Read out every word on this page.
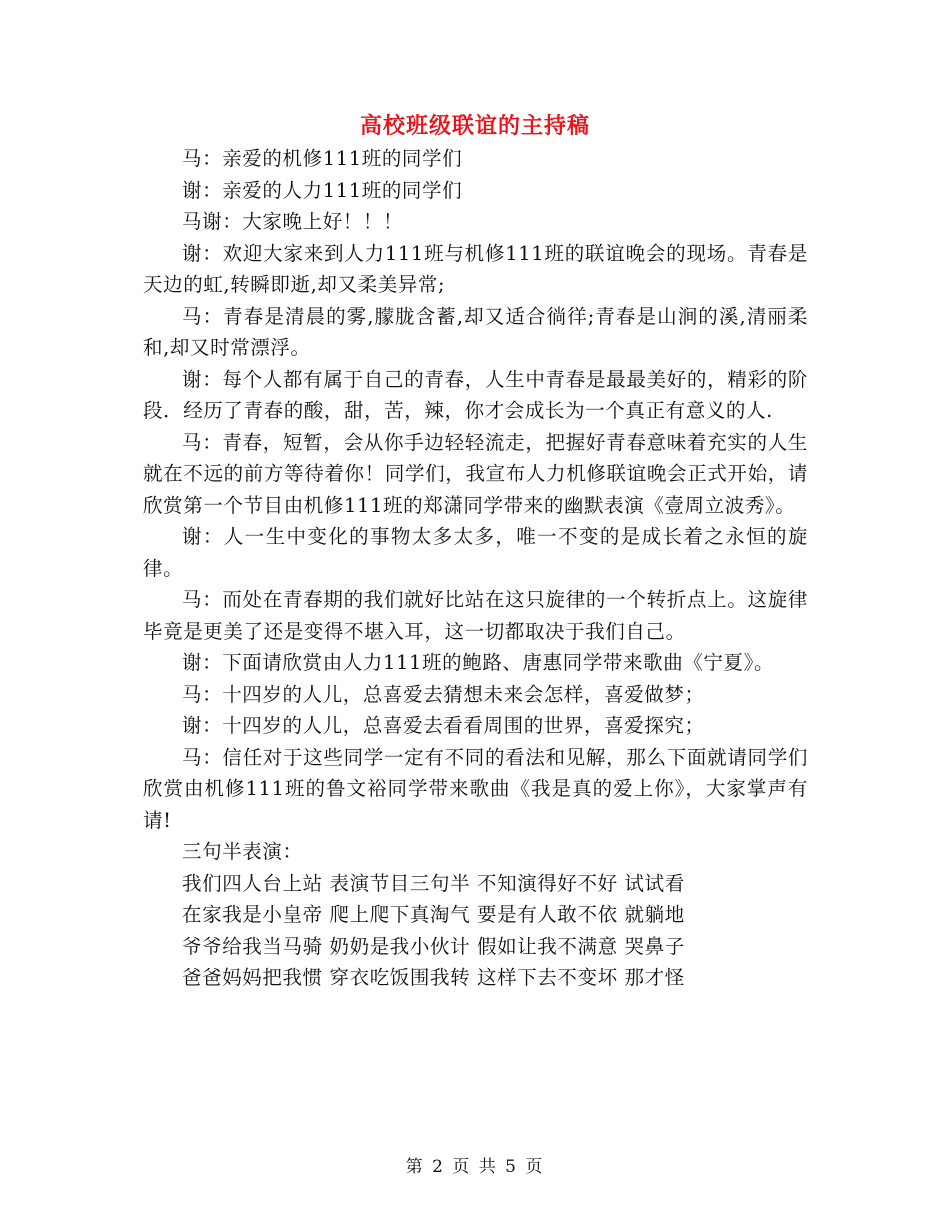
高校班级联谊的主持稿

马：亲爱的机修111班的同学们

谢：亲爱的人力111班的同学们

马谢：大家晚上好！！！

谢：欢迎大家来到人力111班与机修111班的联谊晚会的现场。青春是天边的虹,转瞬即逝,却又柔美异常;

马：青春是清晨的雾,朦胧含蓄,却又适合徜徉;青春是山涧的溪,清丽柔和,却又时常漂浮。

谢：每个人都有属于自己的青春，人生中青春是最最美好的，精彩的阶段．经历了青春的酸，甜，苦，辣，你才会成长为一个真正有意义的人.

马：青春，短暂，会从你手边轻轻流走，把握好青春意味着充实的人生就在不远的前方等待着你！同学们，我宣布人力机修联谊晚会正式开始，请欣赏第一个节目由机修111班的郑潇同学带来的幽默表演《壹周立波秀》。

谢：人一生中变化的事物太多太多，唯一不变的是成长着之永恒的旋律。

马：而处在青春期的我们就好比站在这只旋律的一个转折点上。这旋律毕竟是更美了还是变得不堪入耳，这一切都取决于我们自己。

谢：下面请欣赏由人力111班的鲍路、唐惠同学带来歌曲《宁夏》。

马：十四岁的人儿，总喜爱去猜想未来会怎样，喜爱做梦；

谢：十四岁的人儿，总喜爱去看看周围的世界，喜爱探究；

马：信任对于这些同学一定有不同的看法和见解，那么下面就请同学们欣赏由机修111班的鲁文裕同学带来歌曲《我是真的爱上你》，大家掌声有请!

三句半表演：

我们四人台上站 表演节目三句半 不知演得好不好 试试看

在家我是小皇帝 爬上爬下真淘气 要是有人敢不依 就躺地

爷爷给我当马骑 奶奶是我小伙计 假如让我不满意 哭鼻子

爸爸妈妈把我惯 穿衣吃饭围我转 这样下去不变坏 那才怪

第 2 页 共 5 页
